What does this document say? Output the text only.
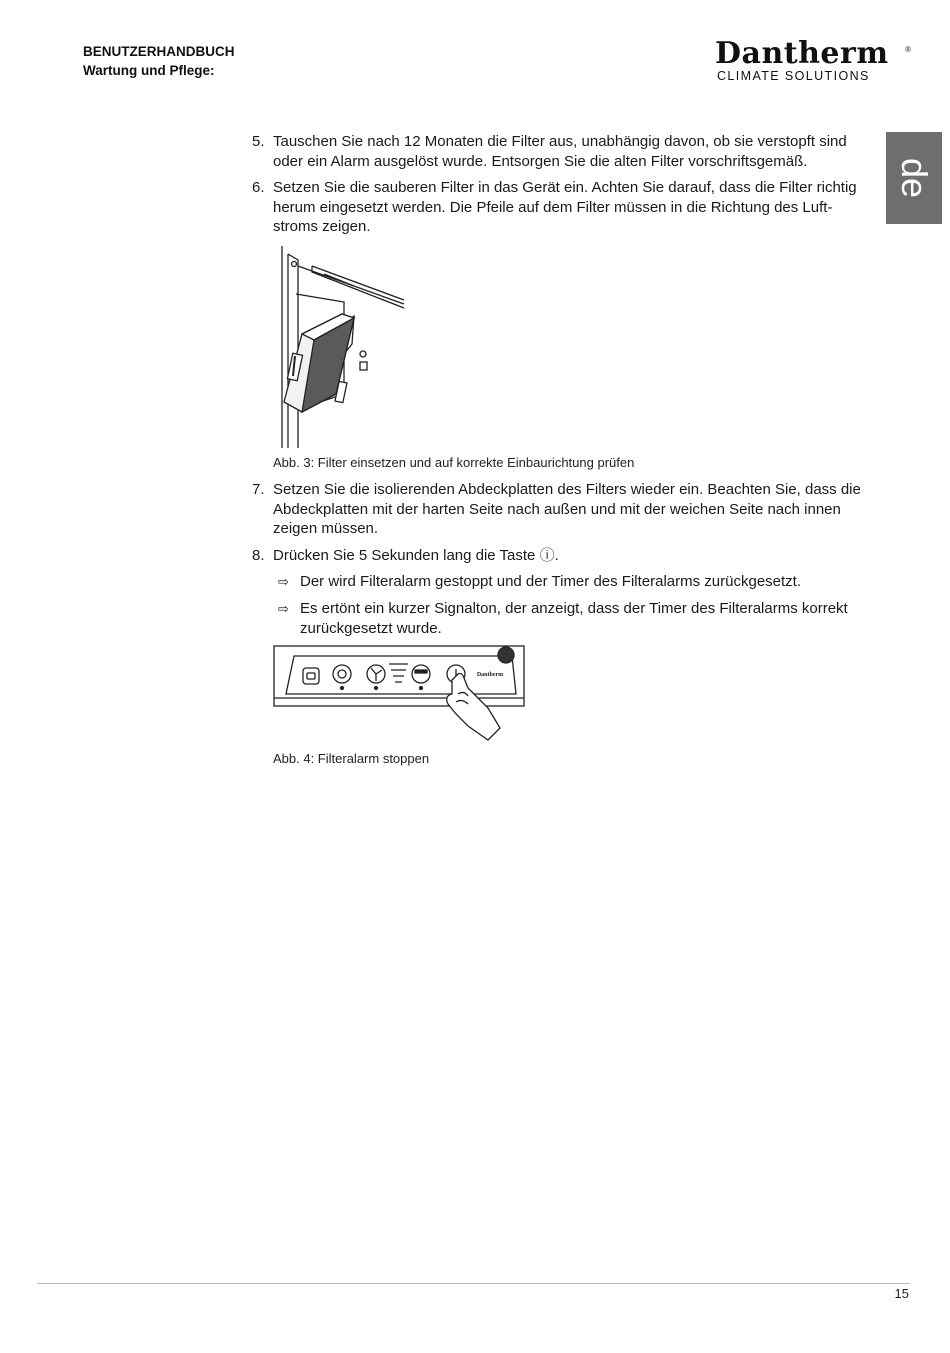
BENUTZERHANDBUCH
Wartung und Pflege:	Dantherm ®
CLIMATE SOLUTIONS
de
5. Tauschen Sie nach 12 Monaten die Filter aus, unabhängig davon, ob sie verstopft sind oder ein Alarm ausgelöst wurde. Entsorgen Sie die alten Filter vorschriftsgemäß.
6. Setzen Sie die sauberen Filter in das Gerät ein. Achten Sie darauf, dass die Filter richtig herum eingesetzt werden. Die Pfeile auf dem Filter müssen in die Richtung des Luft-stroms zeigen.
Abb. 3: Filter einsetzen und auf korrekte Einbaurichtung prüfen
7. Setzen Sie die isolierenden Abdeckplatten des Filters wieder ein. Beachten Sie, dass die Abdeckplatten mit der harten Seite nach außen und mit der weichen Seite nach innen zeigen müssen.
8. Drücken Sie 5 Sekunden lang die Taste ⓘ.
⇨ Der wird Filteralarm gestoppt und der Timer des Filteralarms zurückgesetzt.
⇨ Es ertönt ein kurzer Signalton, der anzeigt, dass der Timer des Filteralarms korrekt zurückgesetzt wurde.
AUTO	Dantherm
Abb. 4: Filteralarm stoppen
15
